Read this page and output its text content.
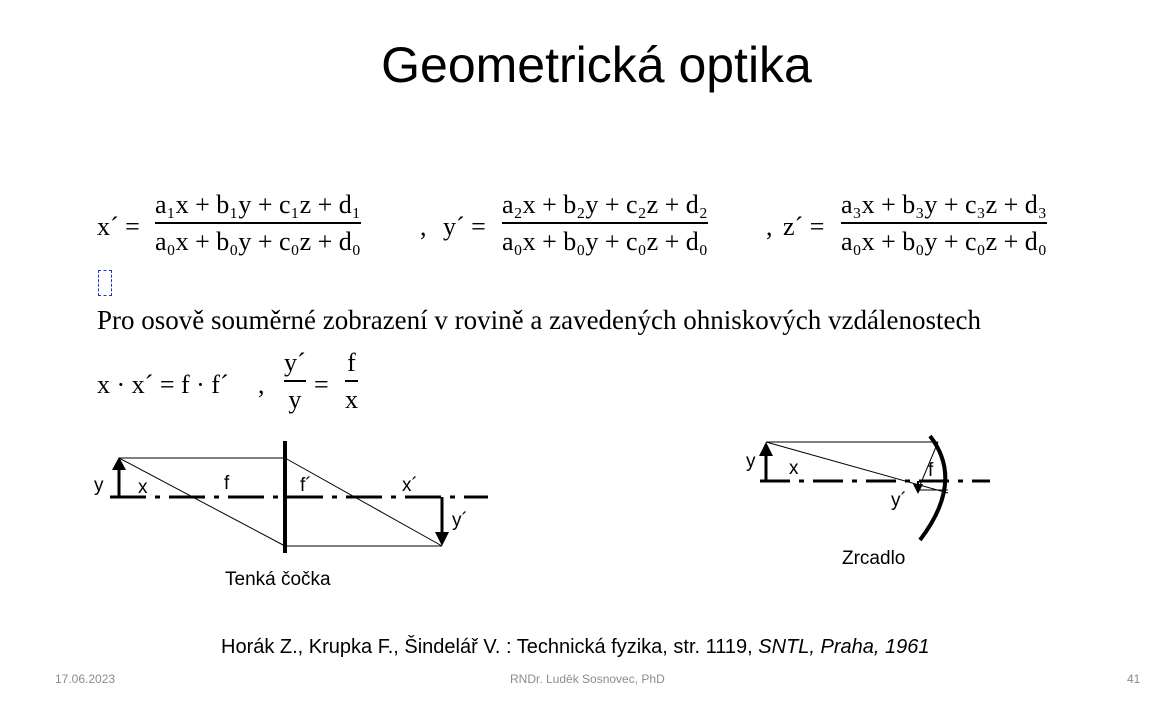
Geometrická optika
x´ =
a₁x + b₁y + c₁z + d₁
a₀x + b₀y + c₀z + d₀ , y´ =
a₂x + b₂y + c₂z + d₂
a₀x + b₀y + c₀z + d₀ , z´ =
a₃x + b₃y + c₃z + d₃
a₀x + b₀y + c₀z + d₀
Pro osově souměrné zobrazení v rovině a zavedených ohniskových vzdálenostech
x · x´ = f · f´ ,
y´
y =
f
x
y x	f	f´	x´
y´
Tenká čočka
y x	f
y´
Zrcadlo
Horák Z., Krupka F., Šindelář V. : Technická fyzika, str. 1119, SNTL, Praha, 1961
17.06.2023	RNDr. Luděk Sosnovec, PhD	41
